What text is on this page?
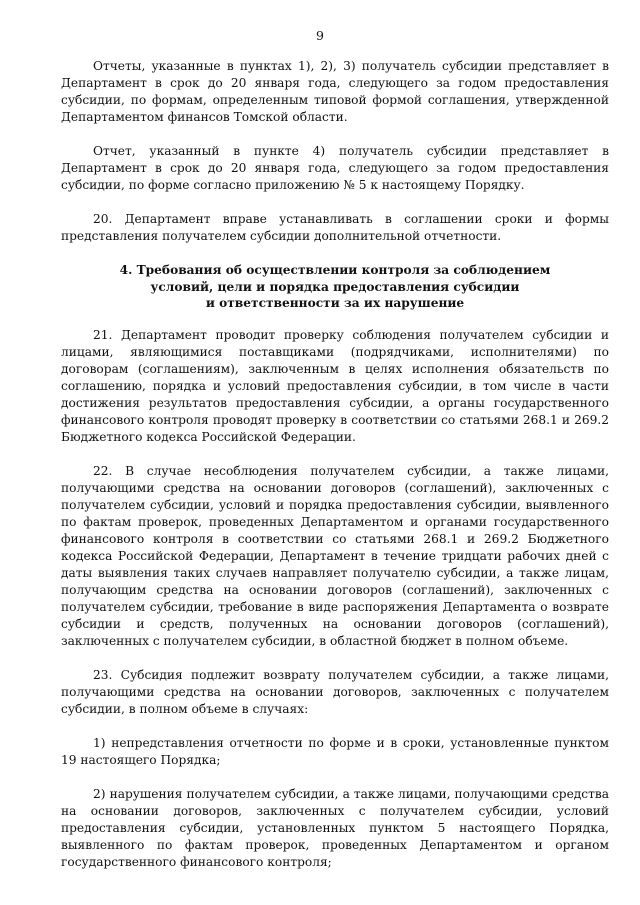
9

Отчеты, указанные в пунктах 1), 2), 3) получатель субсидии представляет в Департамент в срок до 20 января года, следующего за годом предоставления субсидии, по формам, определенным типовой формой соглашения, утвержденной Департаментом финансов Томской области.

Отчет, указанный в пункте 4) получатель субсидии представляет в Департамент в срок до 20 января года, следующего за годом предоставления субсидии, по форме согласно приложению № 5 к настоящему Порядку.

20. Департамент вправе устанавливать в соглашении сроки и формы представления получателем субсидии дополнительной отчетности.

4. Требования об осуществлении контроля за соблюдением
условий, цели и порядка предоставления субсидии
и ответственности за их нарушение

21. Департамент проводит проверку соблюдения получателем субсидии и лицами, являющимися поставщиками (подрядчиками, исполнителями) по договорам (соглашениям), заключенным в целях исполнения обязательств по соглашению, порядка и условий предоставления субсидии, в том числе в части достижения результатов предоставления субсидии, а органы государственного финансового контроля проводят проверку в соответствии со статьями 268.1 и 269.2 Бюджетного кодекса Российской Федерации.

22. В случае несоблюдения получателем субсидии, а также лицами, получающими средства на основании договоров (соглашений), заключенных с получателем субсидии, условий и порядка предоставления субсидии, выявленного по фактам проверок, проведенных Департаментом и органами государственного финансового контроля в соответствии со статьями 268.1 и 269.2 Бюджетного кодекса Российской Федерации, Департамент в течение тридцати рабочих дней с даты выявления таких случаев направляет получателю субсидии, а также лицам, получающим средства на основании договоров (соглашений), заключенных с получателем субсидии, требование в виде распоряжения Департамента о возврате субсидии и средств, полученных на основании договоров (соглашений), заключенных с получателем субсидии, в областной бюджет в полном объеме.

23. Субсидия подлежит возврату получателем субсидии, а также лицами, получающими средства на основании договоров, заключенных с получателем субсидии, в полном объеме в случаях:

1) непредставления отчетности по форме и в сроки, установленные пунктом 19 настоящего Порядка;

2) нарушения получателем субсидии, а также лицами, получающими средства на основании договоров, заключенных с получателем субсидии, условий предоставления субсидии, установленных пунктом 5 настоящего Порядка, выявленного по фактам проверок, проведенных Департаментом и органом государственного финансового контроля;
